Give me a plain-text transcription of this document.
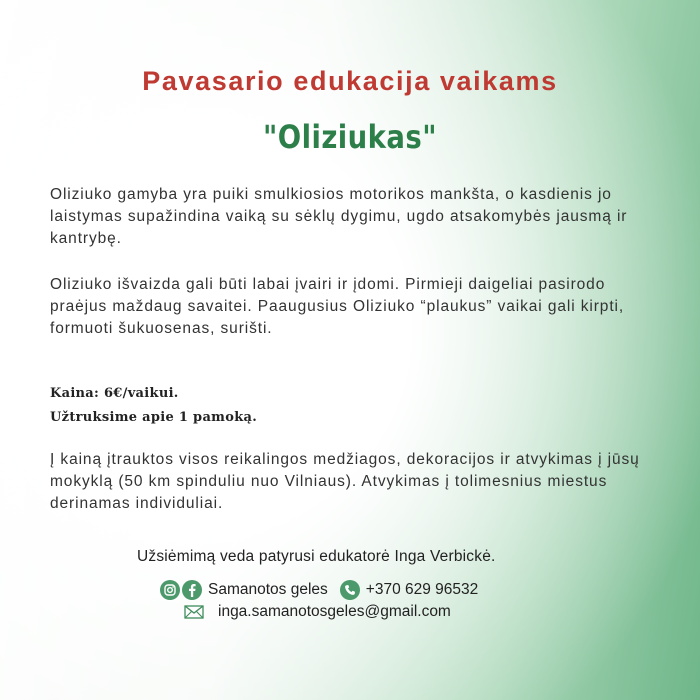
Pavasario edukacija vaikams
"Oliziukas"
Oliziuko gamyba yra puiki smulkiosios motorikos mankšta, o kasdienis jo laistymas supažindina vaiką su sėklų dygimu, ugdo atsakomybės jausmą ir kantrybę.
Oliziuko išvaizda gali būti labai įvairi ir įdomi. Pirmieji daigeliai pasirodo praėjus maždaug savaitei. Paaugusius Oliziuko “plaukus” vaikai gali kirpti, formuoti šukuosenas, surišti.
Kaina: 6€/vaikui.
Užtruksime apie 1 pamoką.
Į kainą įtrauktos visos reikalingos medžiagos, dekoracijos ir atvykimas į jūsų mokyklą (50 km spinduliu nuo Vilniaus). Atvykimas į tolimesnius miestus derinamas individuliai.
Užsiėmimą veda patyrusi edukatorė Inga Verbickė.
Samanotos geles +370 629 96532
inga.samanotosgeles@gmail.com
